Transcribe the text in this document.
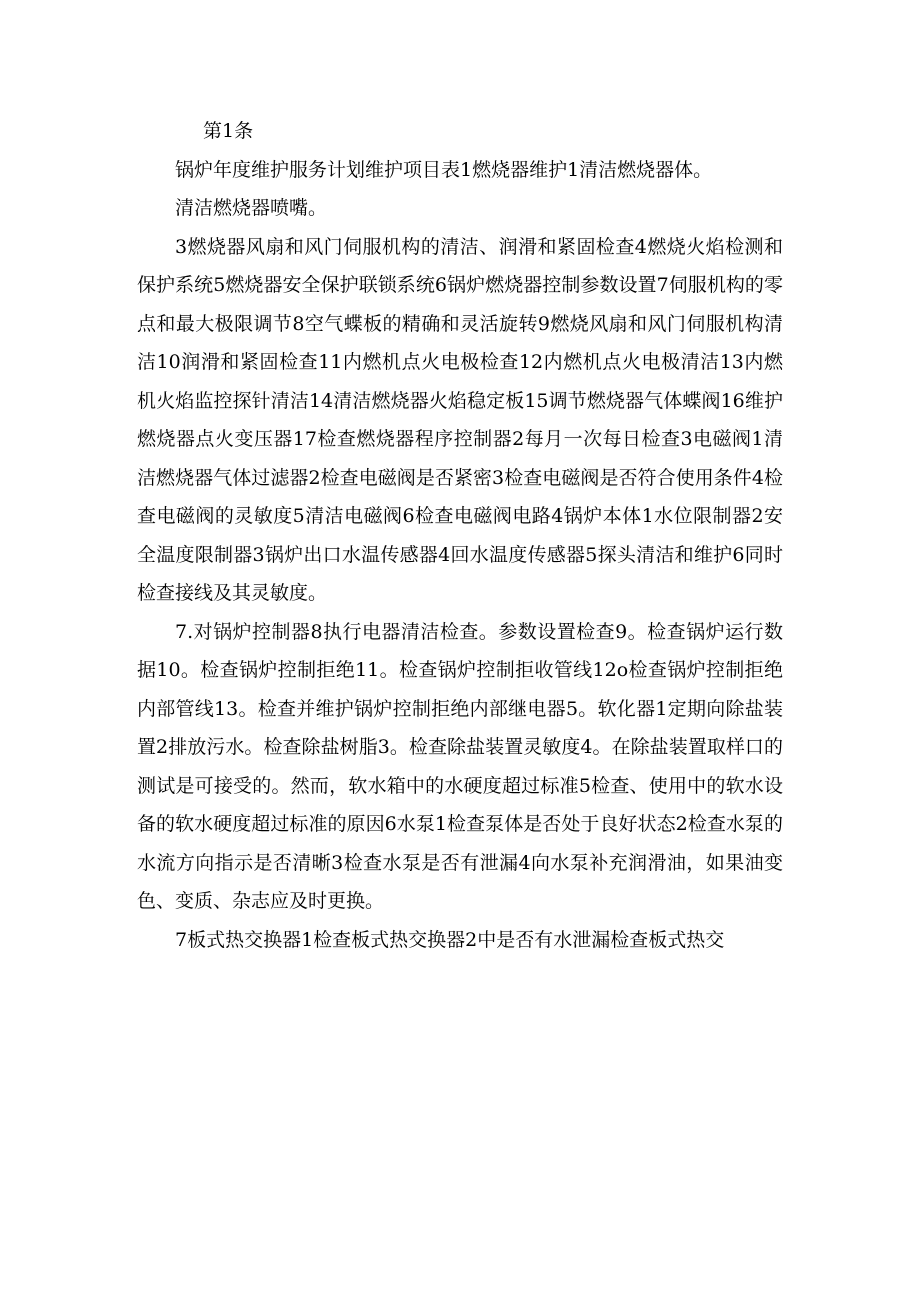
第1条

锅炉年度维护服务计划维护项目表1燃烧器维护1清洁燃烧器体。

清洁燃烧器喷嘴。

3燃烧器风扇和风门伺服机构的清洁、润滑和紧固检查4燃烧火焰检测和保护系统5燃烧器安全保护联锁系统6锅炉燃烧器控制参数设置7伺服机构的零点和最大极限调节8空气蝶板的精确和灵活旋转9燃烧风扇和风门伺服机构清洁10润滑和紧固检查11内燃机点火电极检查12内燃机点火电极清洁13内燃机火焰监控探针清洁14清洁燃烧器火焰稳定板15调节燃烧器气体蝶阀16维护燃烧器点火变压器17检查燃烧器程序控制器2每月一次每日检查3电磁阀1清洁燃烧器气体过滤器2检查电磁阀是否紧密3检查电磁阀是否符合使用条件4检查电磁阀的灵敏度5清洁电磁阀6检查电磁阀电路4锅炉本体1水位限制器2安全温度限制器3锅炉出口水温传感器4回水温度传感器5探头清洁和维护6同时检查接线及其灵敏度。

7.对锅炉控制器8执行电器清洁检查。参数设置检查9。检查锅炉运行数据10。检查锅炉控制拒绝11。检查锅炉控制拒收管线12o检查锅炉控制拒绝内部管线13。检查并维护锅炉控制拒绝内部继电器5。软化器1定期向除盐装置2排放污水。检查除盐树脂3。检查除盐装置灵敏度4。在除盐装置取样口的测试是可接受的。然而，软水箱中的水硬度超过标准5检查、使用中的软水设备的软水硬度超过标准的原因6水泵1检查泵体是否处于良好状态2检查水泵的水流方向指示是否清晰3检查水泵是否有泄漏4向水泵补充润滑油，如果油变色、变质、杂志应及时更换。

7板式热交换器1检查板式热交换器2中是否有水泄漏检查板式热交
